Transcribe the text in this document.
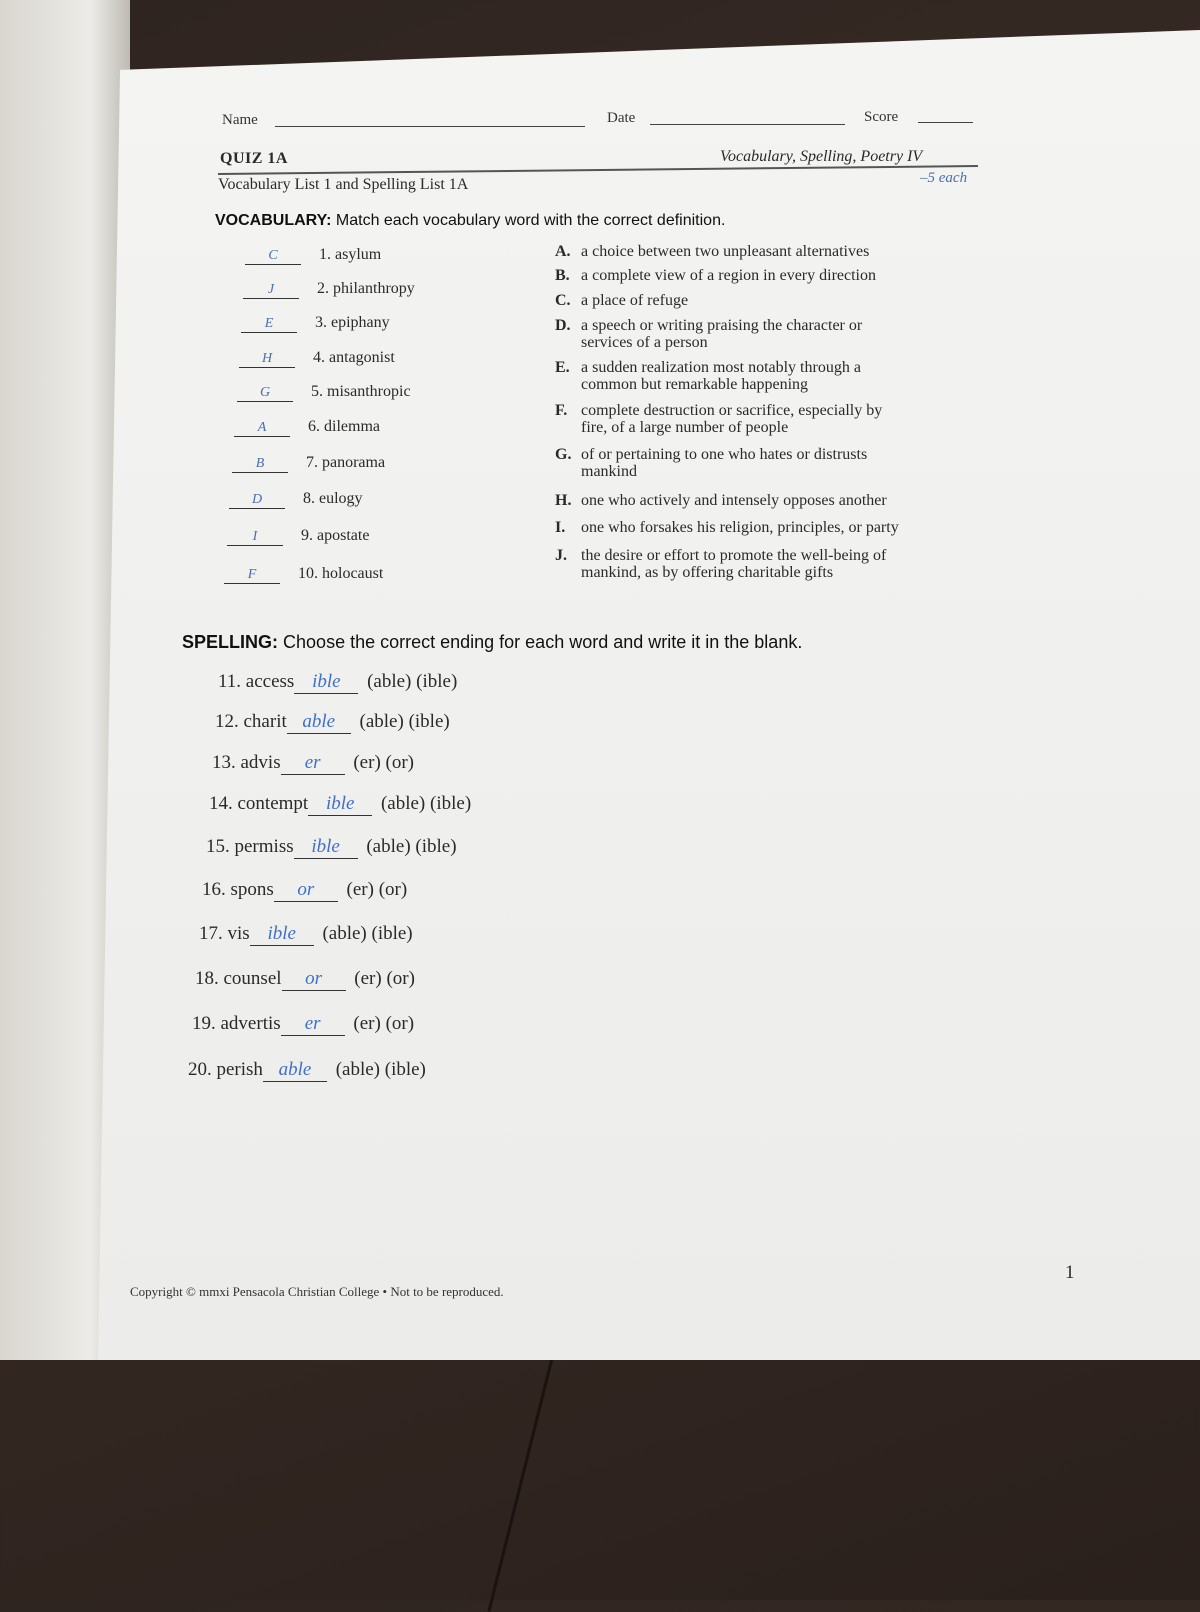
Name	Date	Score
QUIZ 1A	Vocabulary, Spelling, Poetry IV
Vocabulary List 1 and Spelling List 1A	–5 each
VOCABULARY: Match each vocabulary word with the correct definition.
C	1. asylum
J	2. philanthropy
E	3. epiphany
H	4. antagonist
G	5. misanthropic
A	6. dilemma
B	7. panorama
D	8. eulogy
I	9. apostate
F	10. holocaust
A. a choice between two unpleasant alternatives
B. a complete view of a region in every direction
C. a place of refuge
D. a speech or writing praising the character or
services of a person
E. a sudden realization most notably through a
common but remarkable happening
F. complete destruction or sacrifice, especially by
fire, of a large number of people
G. of or pertaining to one who hates or distrusts
mankind
H. one who actively and intensely opposes another
I. one who forsakes his religion, principles, or party
J. the desire or effort to promote the well-being of
mankind, as by offering charitable gifts
SPELLING: Choose the correct ending for each word and write it in the blank.
11. access ible (able) (ible)
12. charit able (able) (ible)
13. advis er (er) (or)
14. contempt ible (able) (ible)
15. permiss ible (able) (ible)
16. spons or (er) (or)
17. vis ible (able) (ible)
18. counsel or (er) (or)
19. advertis er (er) (or)
20. perish able (able) (ible)
Copyright © mmxi Pensacola Christian College • Not to be reproduced.
1
